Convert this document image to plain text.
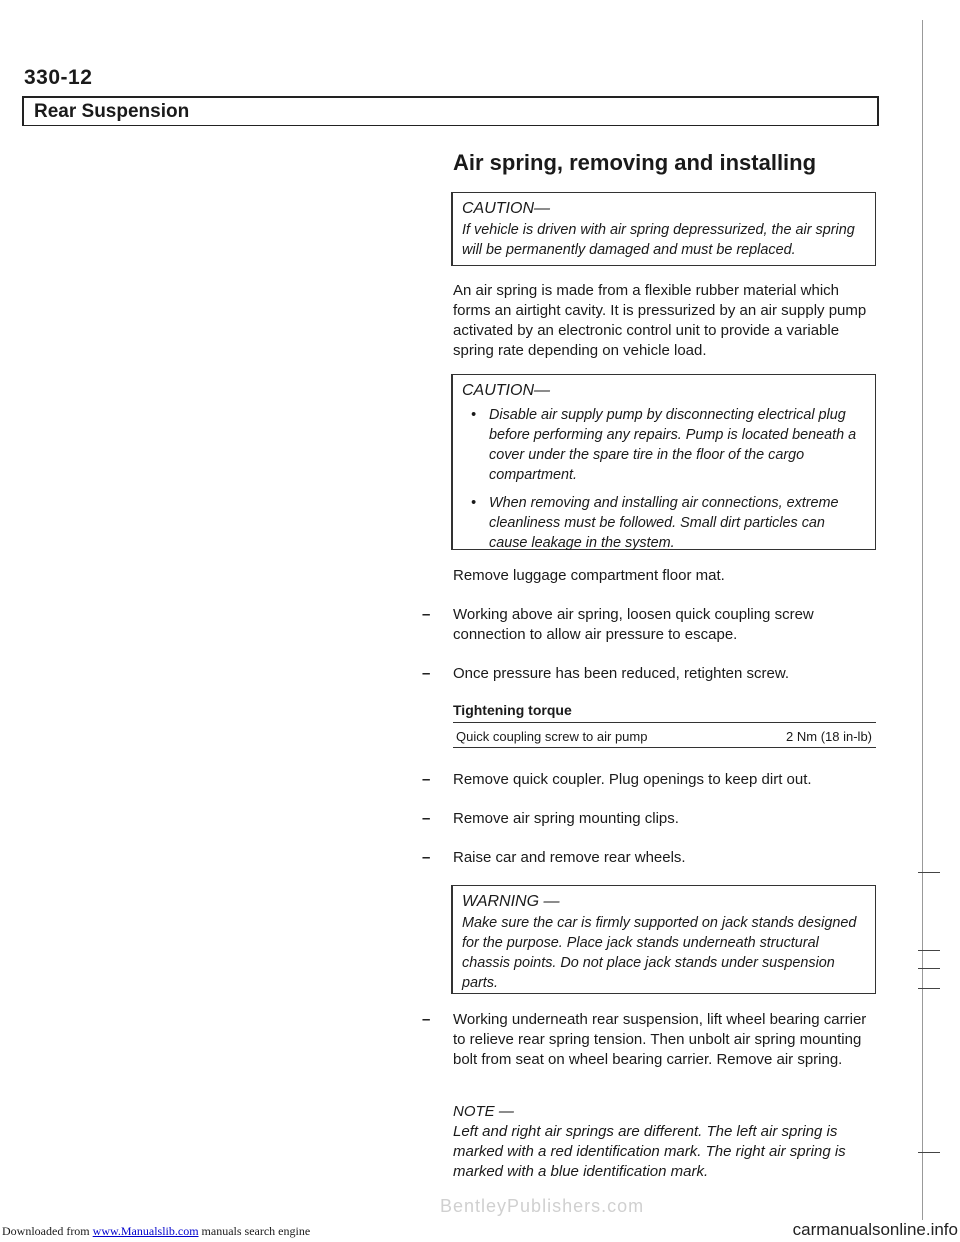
330-12
Rear Suspension
Air spring, removing and installing
CAUTION—
If vehicle is driven with air spring depressurized, the air spring will be permanently damaged and must be replaced.
An air spring is made from a flexible rubber material which forms an airtight cavity. It is pressurized by an air supply pump activated by an electronic control unit to provide a variable spring rate depending on vehicle load.
CAUTION—
• Disable air supply pump by disconnecting electrical plug before performing any repairs. Pump is located beneath a cover under the spare tire in the floor of the cargo compartment.
• When removing and installing air connections, extreme cleanliness must be followed. Small dirt particles can cause leakage in the system.
Remove luggage compartment floor mat.
– Working above air spring, loosen quick coupling screw connection to allow air pressure to escape.
– Once pressure has been reduced, retighten screw.
Tightening torque
Quick coupling screw to air pump	2 Nm (18 in-lb)
– Remove quick coupler. Plug openings to keep dirt out.
– Remove air spring mounting clips.
– Raise car and remove rear wheels.
WARNING —
Make sure the car is firmly supported on jack stands designed for the purpose. Place jack stands underneath structural chassis points. Do not place jack stands under suspension parts.
– Working underneath rear suspension, lift wheel bearing carrier to relieve rear spring tension. Then unbolt air spring mounting bolt from seat on wheel bearing carrier. Remove air spring.
NOTE —
Left and right air springs are different. The left air spring is marked with a red identification mark. The right air spring is marked with a blue identification mark.
BentleyPublishers.com
Downloaded from www.Manualslib.com manuals search engine	carmanualsonline.info
